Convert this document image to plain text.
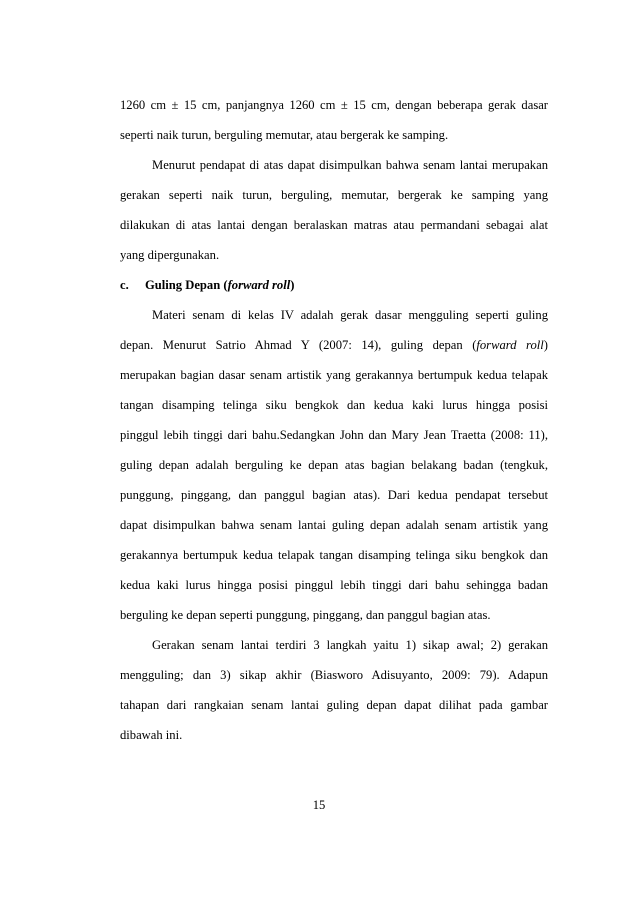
1260 cm ± 15 cm, panjangnya 1260 cm ± 15 cm, dengan beberapa gerak dasar
seperti naik turun, berguling memutar, atau bergerak ke samping.
Menurut pendapat di atas dapat disimpulkan bahwa senam lantai merupakan
gerakan seperti naik turun, berguling, memutar, bergerak ke samping yang
dilakukan di atas lantai dengan beralaskan matras atau permandani sebagai alat
yang dipergunakan.
c. Guling Depan (forward roll)
Materi senam di kelas IV adalah gerak dasar mengguling seperti guling
depan. Menurut Satrio Ahmad Y (2007: 14), guling depan (forward roll)
merupakan bagian dasar senam artistik yang gerakannya bertumpuk kedua telapak
tangan disamping telinga siku bengkok dan kedua kaki lurus hingga posisi
pinggul lebih tinggi dari bahu.Sedangkan John dan Mary Jean Traetta (2008: 11),
guling depan adalah berguling ke depan atas bagian belakang badan (tengkuk,
punggung, pinggang, dan panggul bagian atas). Dari kedua pendapat tersebut
dapat disimpulkan bahwa senam lantai guling depan adalah senam artistik yang
gerakannya bertumpuk kedua telapak tangan disamping telinga siku bengkok dan
kedua kaki lurus hingga posisi pinggul lebih tinggi dari bahu sehingga badan
berguling ke depan seperti punggung, pinggang, dan panggul bagian atas.
Gerakan senam lantai terdiri 3 langkah yaitu 1) sikap awal; 2) gerakan
mengguling; dan 3) sikap akhir (Biasworo Adisuyanto, 2009: 79). Adapun
tahapan dari rangkaian senam lantai guling depan dapat dilihat pada gambar
dibawah ini.
15
